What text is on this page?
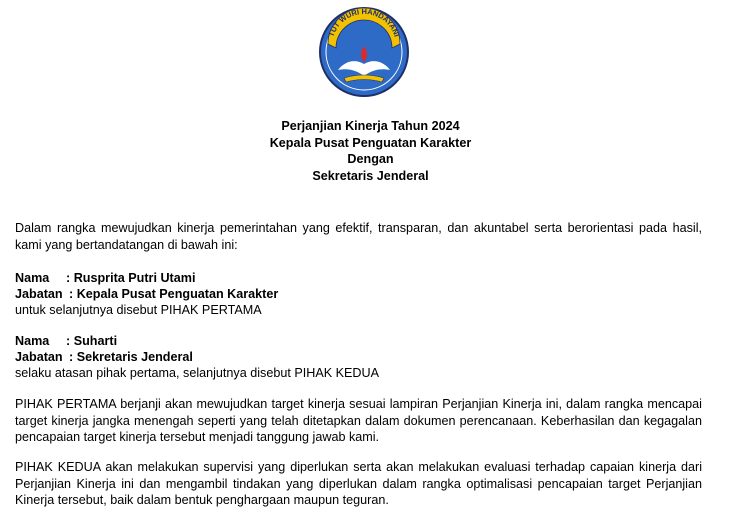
TUT WURI HANDAYANI
Perjanjian Kinerja Tahun 2024
Kepala Pusat Penguatan Karakter
Dengan
Sekretaris Jenderal
Dalam rangka mewujudkan kinerja pemerintahan yang efektif, transparan, dan akuntabel serta berorientasi pada hasil, kami yang bertandatangan di bawah ini:
Nama : Rusprita Putri Utami
Jabatan : Kepala Pusat Penguatan Karakter
untuk selanjutnya disebut PIHAK PERTAMA
Nama : Suharti
Jabatan : Sekretaris Jenderal
selaku atasan pihak pertama, selanjutnya disebut PIHAK KEDUA
PIHAK PERTAMA berjanji akan mewujudkan target kinerja sesuai lampiran Perjanjian Kinerja ini, dalam rangka mencapai target kinerja jangka menengah seperti yang telah ditetapkan dalam dokumen perencanaan. Keberhasilan dan kegagalan pencapaian target kinerja tersebut menjadi tanggung jawab kami.
PIHAK KEDUA akan melakukan supervisi yang diperlukan serta akan melakukan evaluasi terhadap capaian kinerja dari Perjanjian Kinerja ini dan mengambil tindakan yang diperlukan dalam rangka optimalisasi pencapaian target Perjanjian Kinerja tersebut, baik dalam bentuk penghargaan maupun teguran.
